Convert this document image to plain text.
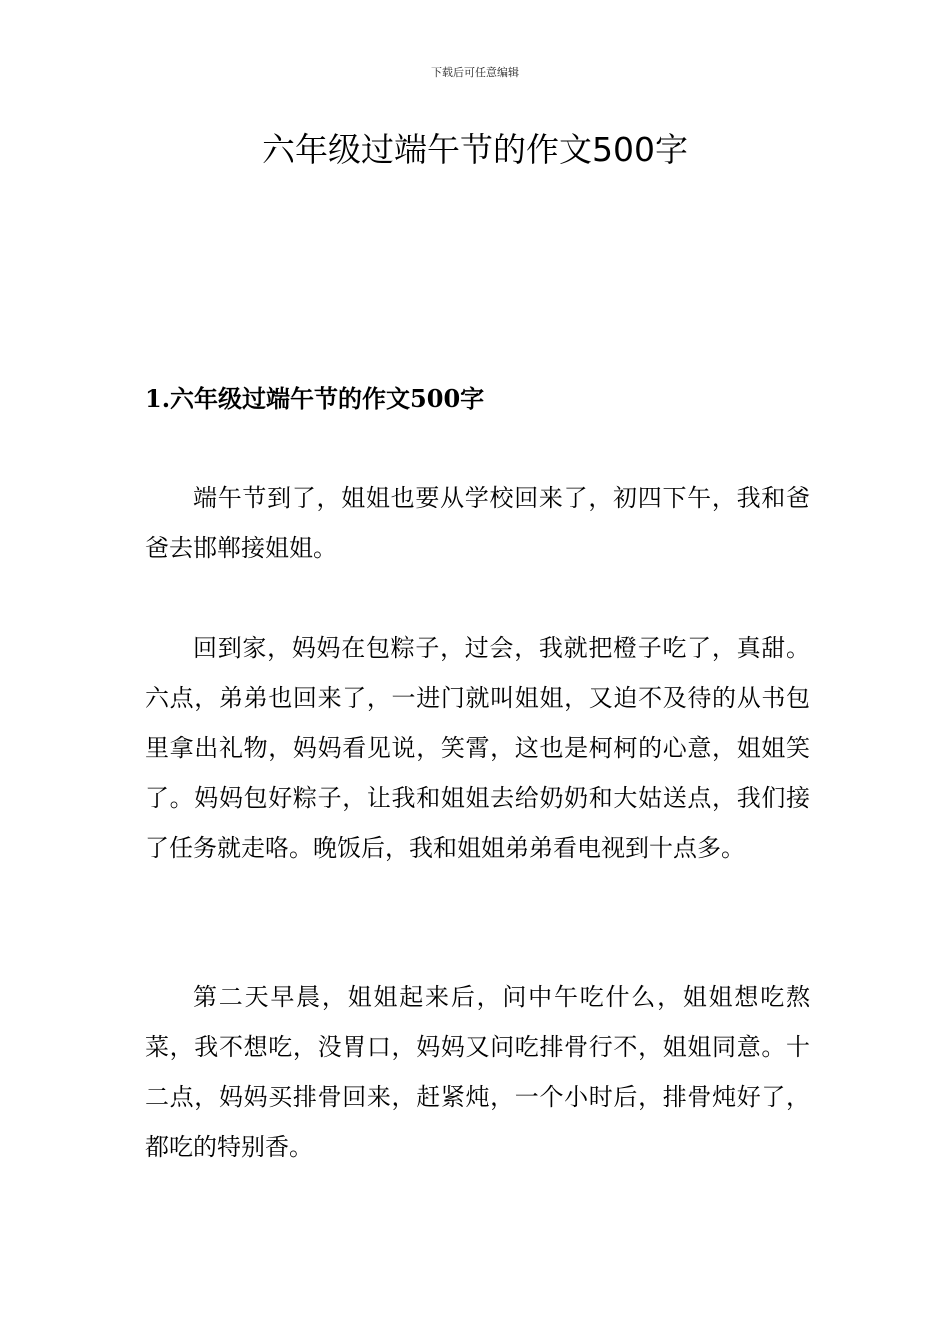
下载后可任意编辑
六年级过端午节的作文500字
1.六年级过端午节的作文500字

端午节到了，姐姐也要从学校回来了，初四下午，我和爸爸去邯郸接姐姐。

回到家，妈妈在包粽子，过会，我就把橙子吃了，真甜。六点，弟弟也回来了，一进门就叫姐姐，又迫不及待的从书包里拿出礼物，妈妈看见说，笑霄，这也是柯柯的心意，姐姐笑了。妈妈包好粽子，让我和姐姐去给奶奶和大姑送点，我们接了任务就走咯。晚饭后，我和姐姐弟弟看电视到十点多。

第二天早晨，姐姐起来后，问中午吃什么，姐姐想吃熬菜，我不想吃，没胃口，妈妈又问吃排骨行不，姐姐同意。十二点，妈妈买排骨回来，赶紧炖，一个小时后，排骨炖好了，都吃的特别香。
